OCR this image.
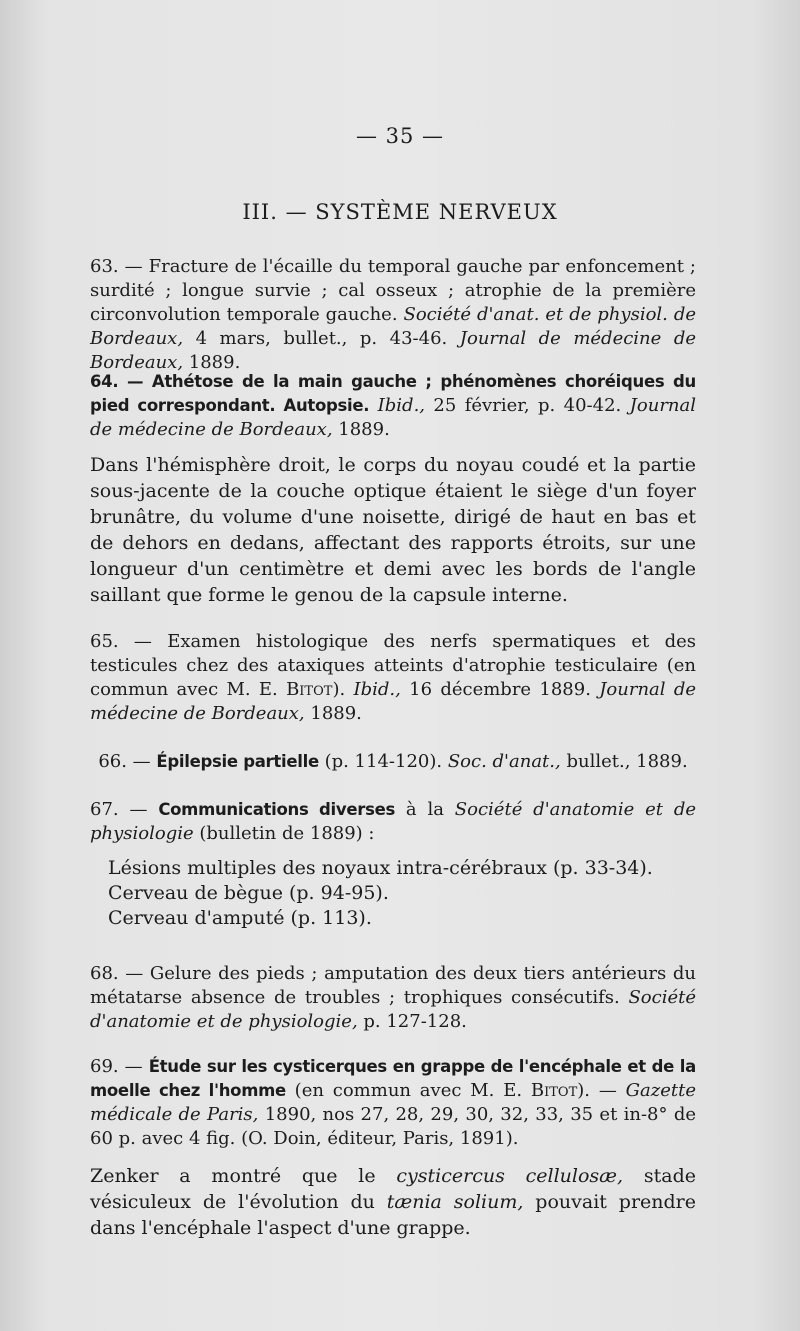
— 35 —
III. — SYSTÈME NERVEUX

63. — Fracture de l'écaille du temporal gauche par enfoncement ; surdité ; longue survie ; cal osseux ; atrophie de la première circonvolution temporale gauche. Société d'anat. et de physiol. de Bordeaux, 4 mars, bullet., p. 43-46. Journal de médecine de Bordeaux, 1889.

64. — Athétose de la main gauche ; phénomènes choréiques du pied correspondant. Autopsie. Ibid., 25 février, p. 40-42. Journal de médecine de Bordeaux, 1889.

Dans l'hémisphère droit, le corps du noyau coudé et la partie sous-jacente de la couche optique étaient le siège d'un foyer brunâtre, du volume d'une noisette, dirigé de haut en bas et de dehors en dedans, affectant des rapports étroits, sur une longueur d'un centimètre et demi avec les bords de l'angle saillant que forme le genou de la capsule interne.

65. — Examen histologique des nerfs spermatiques et des testicules chez des ataxiques atteints d'atrophie testiculaire (en commun avec M. E. Bitot). Ibid., 16 décembre 1889. Journal de médecine de Bordeaux, 1889.

66. — Épilepsie partielle (p. 114-120). Soc. d'anat., bullet., 1889.

67. — Communications diverses à la Société d'anatomie et de physiologie (bulletin de 1889) :

Lésions multiples des noyaux intra-cérébraux (p. 33-34).
Cerveau de bègue (p. 94-95).
Cerveau d'amputé (p. 113).

68. — Gelure des pieds ; amputation des deux tiers antérieurs du métatarse absence de troubles ; trophiques consécutifs. Société d'anatomie et de physiologie, p. 127-128.

69. — Étude sur les cysticerques en grappe de l'encéphale et de la moelle chez l'homme (en commun avec M. E. Bitot). — Gazette médicale de Paris, 1890, nos 27, 28, 29, 30, 32, 33, 35 et in-8° de 60 p. avec 4 fig. (O. Doin, éditeur, Paris, 1891).

Zenker a montré que le cysticercus cellulosæ, stade vésiculeux de l'évolution du tænia solium, pouvait prendre dans l'encéphale l'aspect d'une grappe.
